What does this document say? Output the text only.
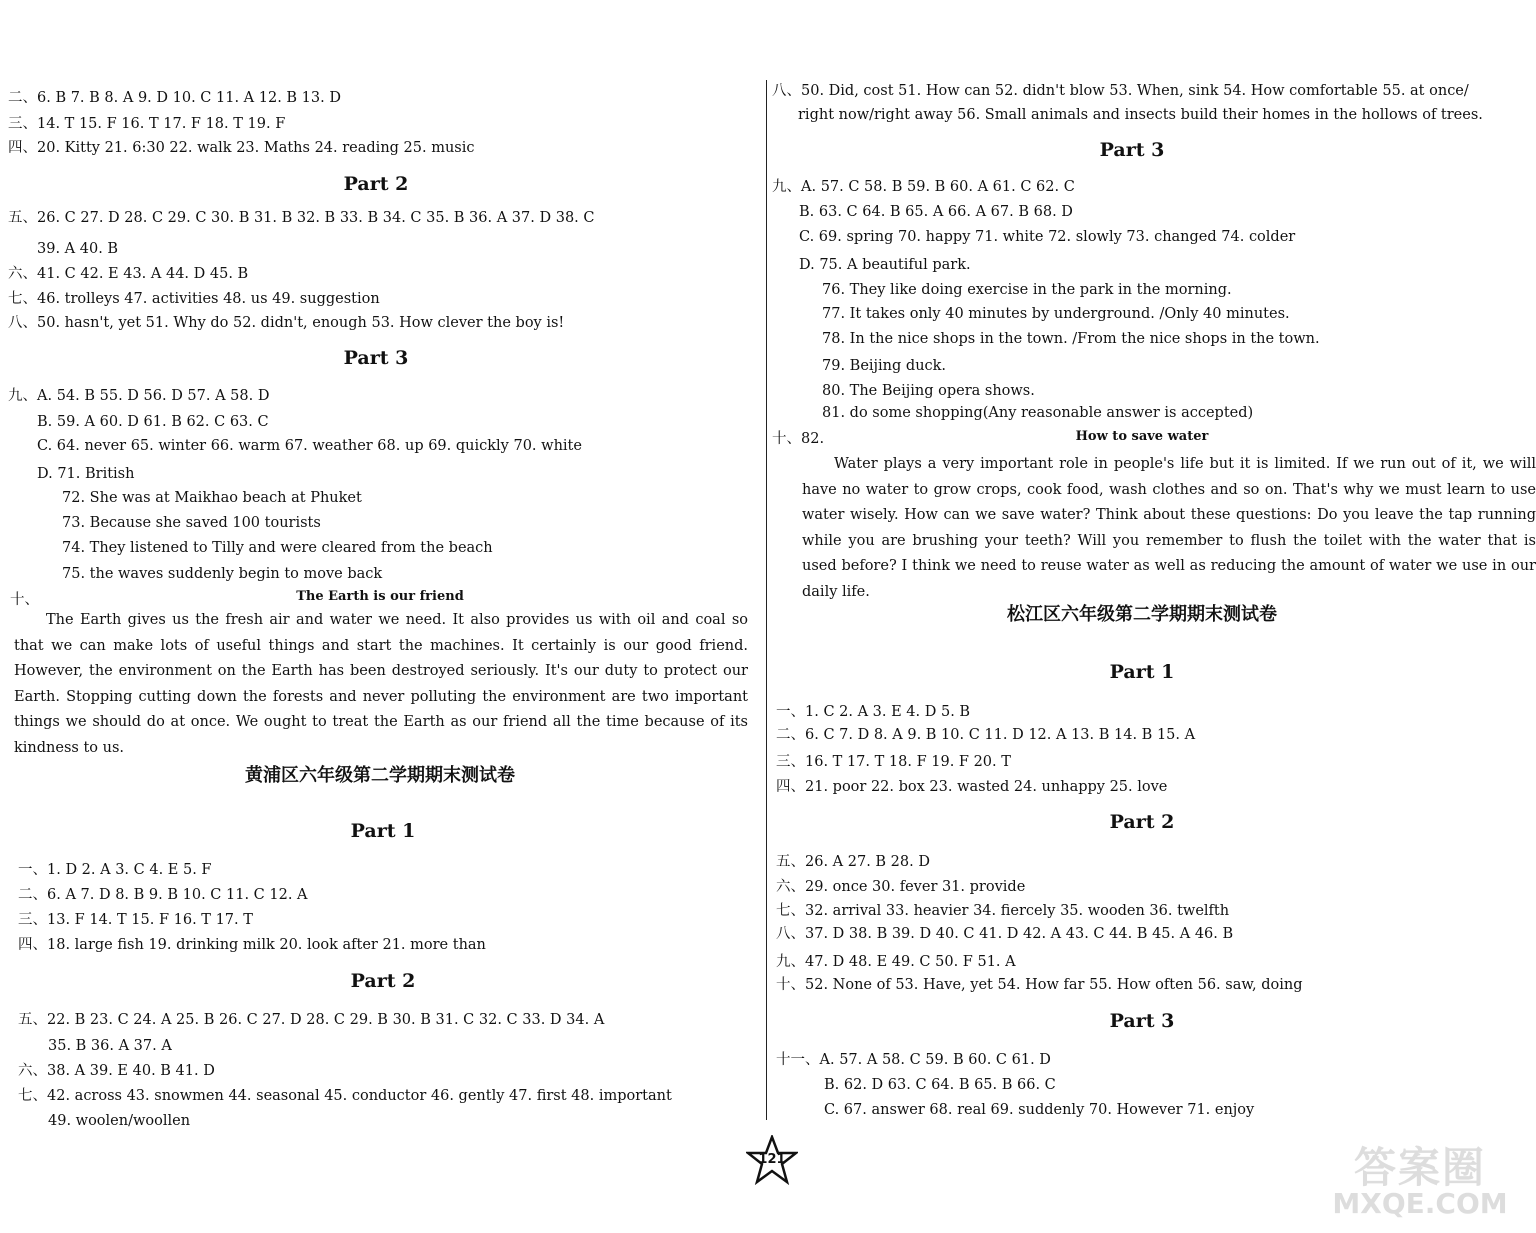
二、6. B 7. B 8. A 9. D 10. C 11. A 12. B 13. D
三、14. T 15. F 16. T 17. F 18. T 19. F
四、20. Kitty 21. 6:30 22. walk 23. Maths 24. reading 25. music
Part 2
五、26. C 27. D 28. C 29. C 30. B 31. B 32. B 33. B 34. C 35. B 36. A 37. D 38. C
39. A 40. B
六、41. C 42. E 43. A 44. D 45. B
七、46. trolleys 47. activities 48. us 49. suggestion
八、50. hasn't, yet 51. Why do 52. didn't, enough 53. How clever the boy is!
Part 3
九、A. 54. B 55. D 56. D 57. A 58. D
B. 59. A 60. D 61. B 62. C 63. C
C. 64. never 65. winter 66. warm 67. weather 68. up 69. quickly 70. white
D. 71. British
72. She was at Maikhao beach at Phuket
73. Because she saved 100 tourists
74. They listened to Tilly and were cleared from the beach
75. the waves suddenly begin to move back
十、	The Earth is our friend
The Earth gives us the fresh air and water we need. It also provides us with oil and coal so that we can make lots of useful things and start the machines. It certainly is our good friend. However, the environment on the Earth has been destroyed seriously. It's our duty to protect our Earth. Stopping cutting down the forests and never polluting the environment are two important things we should do at once. We ought to treat the Earth as our friend all the time because of its kindness to us.
黄浦区六年级第二学期期末测试卷
Part 1
一、1. D 2. A 3. C 4. E 5. F
二、6. A 7. D 8. B 9. B 10. C 11. C 12. A
三、13. F 14. T 15. F 16. T 17. T
四、18. large fish 19. drinking milk 20. look after 21. more than
Part 2
五、22. B 23. C 24. A 25. B 26. C 27. D 28. C 29. B 30. B 31. C 32. C 33. D 34. A
35. B 36. A 37. A
六、38. A 39. E 40. B 41. D
七、42. across 43. snowmen 44. seasonal 45. conductor 46. gently 47. first 48. important
49. woolen/woollen
八、50. Did, cost 51. How can 52. didn't blow 53. When, sink 54. How comfortable 55. at once/
right now/right away 56. Small animals and insects build their homes in the hollows of trees.
Part 3
九、A. 57. C 58. B 59. B 60. A 61. C 62. C
B. 63. C 64. B 65. A 66. A 67. B 68. D
C. 69. spring 70. happy 71. white 72. slowly 73. changed 74. colder
D. 75. A beautiful park.
76. They like doing exercise in the park in the morning.
77. It takes only 40 minutes by underground. /Only 40 minutes.
78. In the nice shops in the town. /From the nice shops in the town.
79. Beijing duck.
80. The Beijing opera shows.
81. do some shopping(Any reasonable answer is accepted)
十、82.	How to save water
Water plays a very important role in people's life but it is limited. If we run out of it, we will have no water to grow crops, cook food, wash clothes and so on. That's why we must learn to use water wisely. How can we save water? Think about these questions: Do you leave the tap running while you are brushing your teeth? Will you remember to flush the toilet with the water that is used before? I think we need to reuse water as well as reducing the amount of water we use in our daily life.
松江区六年级第二学期期末测试卷
Part 1
一、1. C 2. A 3. E 4. D 5. B
二、6. C 7. D 8. A 9. B 10. C 11. D 12. A 13. B 14. B 15. A
三、16. T 17. T 18. F 19. F 20. T
四、21. poor 22. box 23. wasted 24. unhappy 25. love
Part 2
五、26. A 27. B 28. D
六、29. once 30. fever 31. provide
七、32. arrival 33. heavier 34. fiercely 35. wooden 36. twelfth
八、37. D 38. B 39. D 40. C 41. D 42. A 43. C 44. B 45. A 46. B
九、47. D 48. E 49. C 50. F 51. A
十、52. None of 53. Have, yet 54. How far 55. How often 56. saw, doing
Part 3
十一、A. 57. A 58. C 59. B 60. C 61. D
B. 62. D 63. C 64. B 65. B 66. C
C. 67. answer 68. real 69. suddenly 70. However 71. enjoy
121	答案圈
MXQE.COM
